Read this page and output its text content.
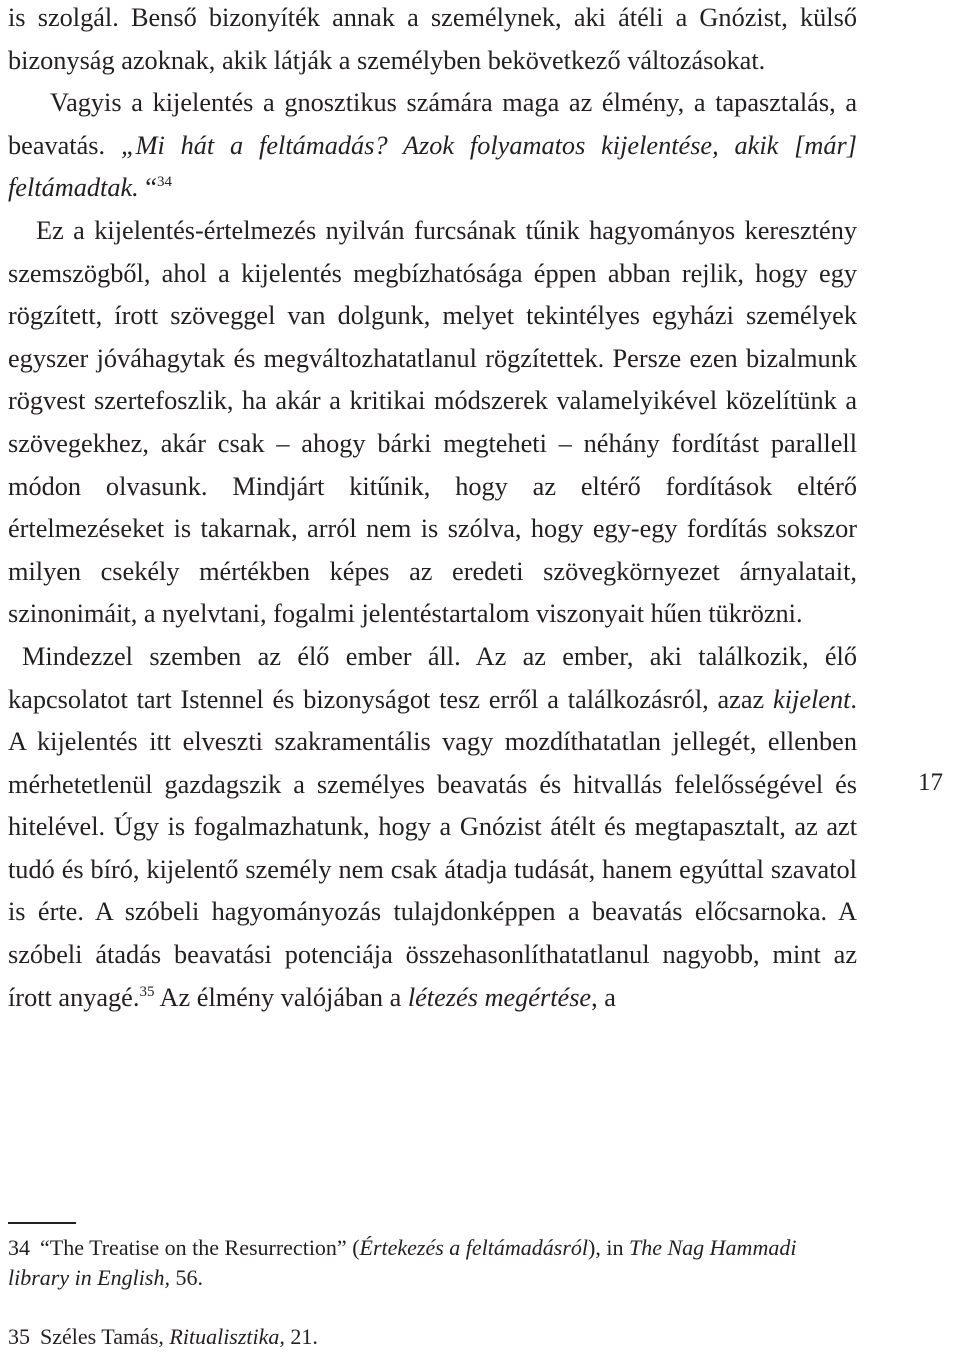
is szolgál. Benső bizonyíték annak a személynek, aki átéli a Gnózist, külső bizonyság azoknak, akik látják a személyben bekövetkező változásokat.

Vagyis a kijelentés a gnosztikus számára maga az élmény, a tapasztalás, a beavatás. „Mi hát a feltámadás? Azok folyamatos kijelentése, akik [már] feltámadtak. “$^{34}$

Ez a kijelentés-értelmezés nyilván furcsának tűnik hagyományos keresztény szemszögből, ahol a kijelentés megbízhatósága éppen abban rejlik, hogy egy rögzített, írott szöveggel van dolgunk, melyet tekintélyes egyházi személyek egyszer jóváhagytak és megváltozhatatlanul rögzítettek. Persze ezen bizalmunk rögvest szertefoszlik, ha akár a kritikai módszerek valamelyikével közelítünk a szövegekhez, akár csak – ahogy bárki megteheti – néhány fordítást parallell módon olvasunk. Mindjárt kitűnik, hogy az eltérő fordítások eltérő értelmezéseket is takarnak, arról nem is szólva, hogy egy-egy fordítás sokszor milyen csekély mértékben képes az eredeti szövegkörnyezet árnyalatait, szinonimáit, a nyelvtani, fogalmi jelentéstartalom viszonyait hűen tükrözni.

Mindezzel szemben az élő ember áll. Az az ember, aki találkozik, élő kapcsolatot tart Istennel és bizonyságot tesz erről a találkozásról, azaz kijelent. A kijelentés itt elveszti szakramentális vagy mozdíthatatlan jellegét, ellenben mérhetetlenül gazdagszik a személyes beavatás és hitvallás felelősségével és hitelével. Úgy is fogalmazhatunk, hogy a Gnózist átélt és megtapasztalt, az azt tudó és bíró, kijelentő személy nem csak átadja tudását, hanem egyúttal szavatol is érte. A szóbeli hagyományozás tulajdonképpen a beavatás előcsarnoka. A szóbeli átadás beavatási potenciája összehasonlíthatatlanul nagyobb, mint az írott anyagé.$^{35}$ Az élmény valójában a létezés megértése, a

17

34 “The Treatise on the Resurrection” (Értekezés a feltámadásról), in The Nag Hammadi library in English, 56.

35 Széles Tamás, Ritualisztika, 21.
